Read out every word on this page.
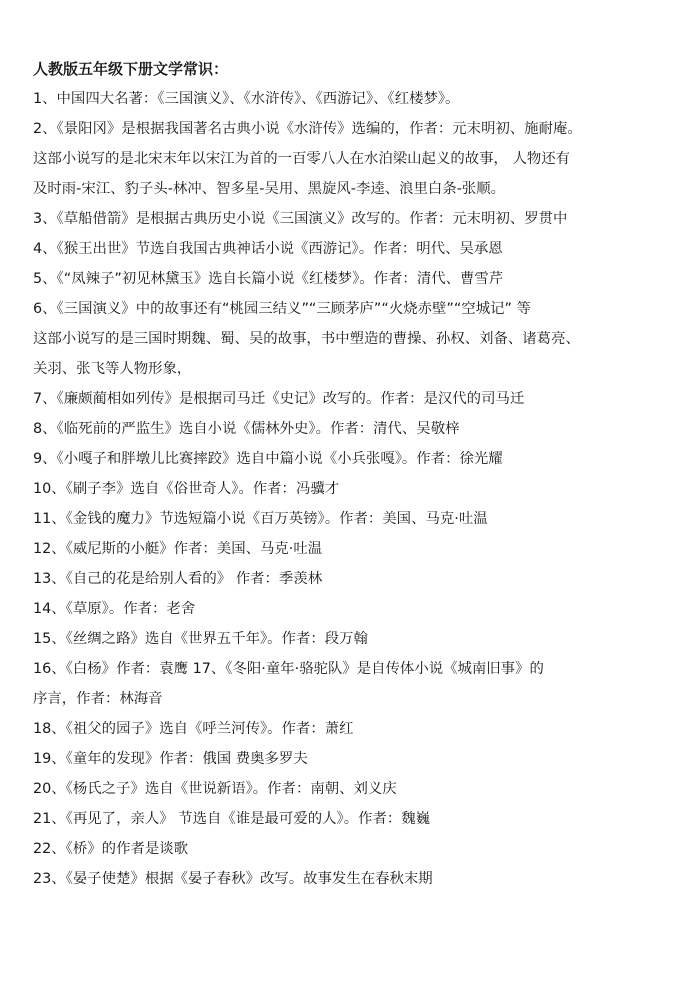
人教版五年级下册文学常识：
1、中国四大名著：《三国演义》、《水浒传》、《西游记》、《红楼梦》。
2、《景阳冈》是根据我国著名古典小说《水浒传》选编的，作者：元末明初、施耐庵。
这部小说写的是北宋末年以宋江为首的一百零八人在水泊梁山起义的故事， 人物还有
及时雨-宋江、豹子头-林冲、智多星-吴用、黑旋风-李逵、浪里白条-张顺。
3、《草船借箭》是根据古典历史小说《三国演义》改写的。作者：元末明初、罗贯中
4、《猴王出世》节选自我国古典神话小说《西游记》。作者：明代、吴承恩
5、《“凤辣子”初见林黛玉》选自长篇小说《红楼梦》。作者：清代、曹雪芹
6、《三国演义》中的故事还有“桃园三结义”“三顾茅庐”“火烧赤壁”“空城记” 等
这部小说写的是三国时期魏、蜀、吴的故事，书中塑造的曹操、孙权、刘备、诸葛亮、
关羽、张飞等人物形象，
7、《廉颇蔺相如列传》是根据司马迁《史记》改写的。作者：是汉代的司马迁
8、《临死前的严监生》选自小说《儒林外史》。作者：清代、吴敬梓
9、《小嘎子和胖墩儿比赛摔跤》选自中篇小说《小兵张嘎》。作者：徐光耀
10、《刷子李》选自《俗世奇人》。作者：冯骥才
11、《金钱的魔力》节选短篇小说《百万英镑》。作者：美国、马克·吐温
12、《威尼斯的小艇》作者：美国、马克·吐温
13、《自己的花是给别人看的》 作者：季羡林
14、《草原》。作者：老舍
15、《丝绸之路》选自《世界五千年》。作者：段万翰
16、《白杨》作者：袁鹰 17、《冬阳·童年·骆驼队》是自传体小说《城南旧事》的
序言，作者：林海音
18、《祖父的园子》选自《呼兰河传》。作者：萧红
19、《童年的发现》作者：俄国 费奥多罗夫
20、《杨氏之子》选自《世说新语》。作者：南朝、刘义庆
21、《再见了，亲人》 节选自《谁是最可爱的人》。作者：魏巍
22、《桥》的作者是谈歌
23、《晏子使楚》根据《晏子春秋》改写。故事发生在春秋末期
